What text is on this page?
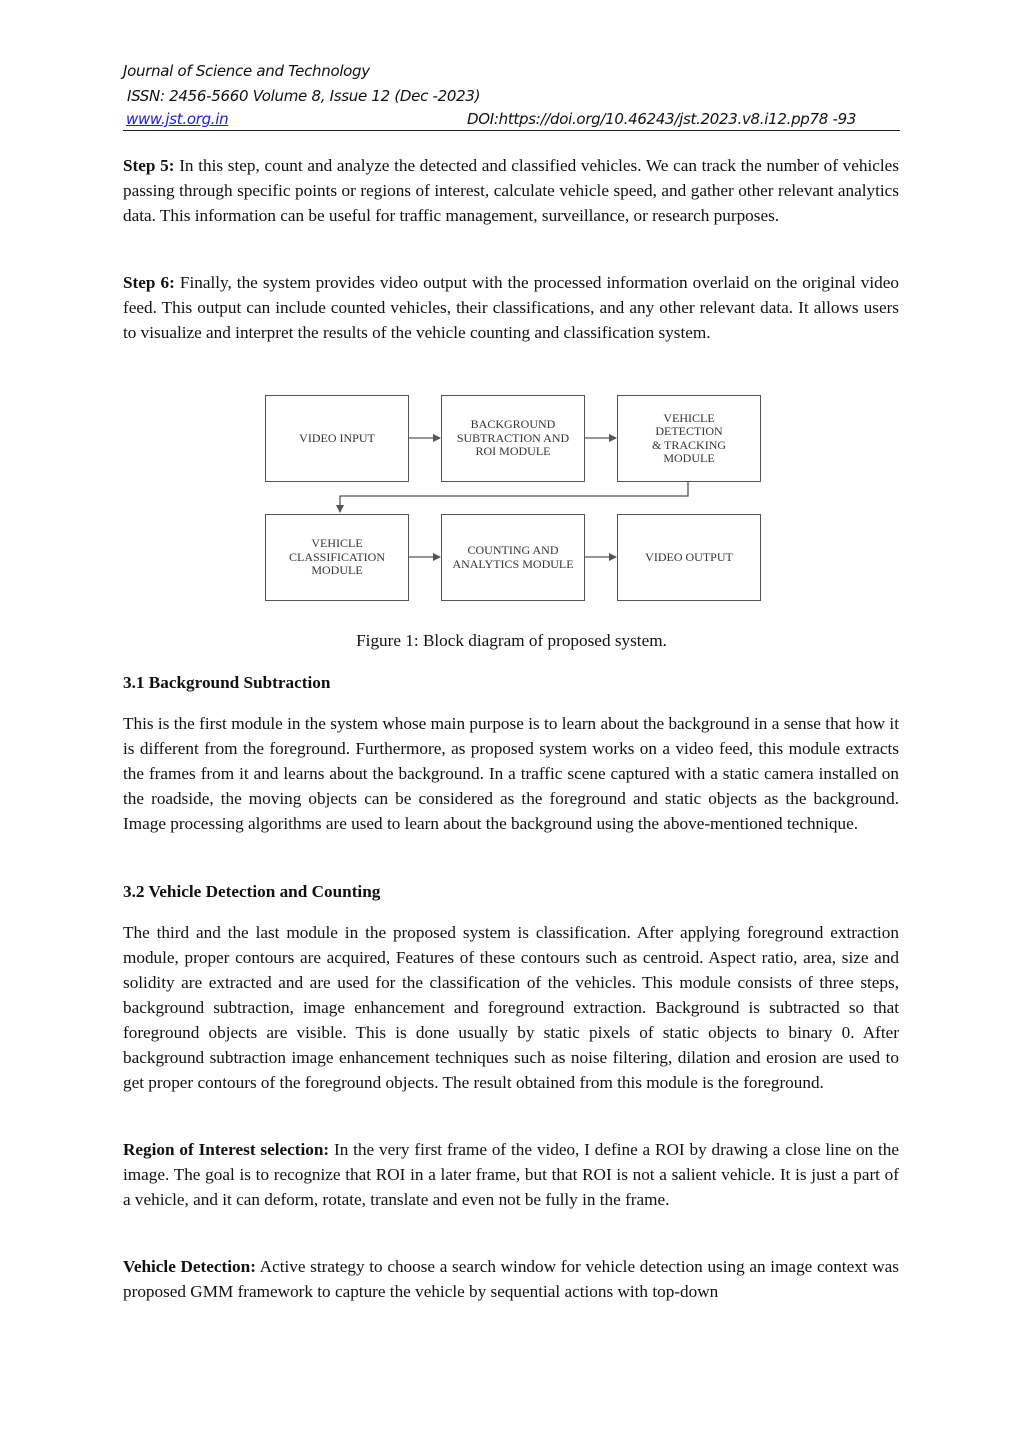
Journal of Science and Technology
ISSN: 2456-5660 Volume 8, Issue 12 (Dec -2023)
www.jst.org.in	DOI:https://doi.org/10.46243/jst.2023.v8.i12.pp78 -93

Step 5: In this step, count and analyze the detected and classified vehicles. We can track the number of vehicles passing through specific points or regions of interest, calculate vehicle speed, and gather other relevant analytics data. This information can be useful for traffic management, surveillance, or research purposes.

Step 6: Finally, the system provides video output with the processed information overlaid on the original video feed. This output can include counted vehicles, their classifications, and any other relevant data. It allows users to visualize and interpret the results of the vehicle counting and classification system.

VIDEO INPUT
BACKGROUND
SUBTRACTION AND
ROI MODULE
VEHICLE
DETECTION
& TRACKING
MODULE
VEHICLE
CLASSIFICATION
MODULE
COUNTING AND
ANALYTICS MODULE	VIDEO OUTPUT
Figure 1: Block diagram of proposed system.
3.1 Background Subtraction

This is the first module in the system whose main purpose is to learn about the background in a sense that how it is different from the foreground. Furthermore, as proposed system works on a video feed, this module extracts the frames from it and learns about the background. In a traffic scene captured with a static camera installed on the roadside, the moving objects can be considered as the foreground and static objects as the background. Image processing algorithms are used to learn about the background using the above-mentioned technique.

3.2 Vehicle Detection and Counting

The third and the last module in the proposed system is classification. After applying foreground extraction module, proper contours are acquired, Features of these contours such as centroid. Aspect ratio, area, size and solidity are extracted and are used for the classification of the vehicles. This module consists of three steps, background subtraction, image enhancement and foreground extraction. Background is subtracted so that foreground objects are visible. This is done usually by static pixels of static objects to binary 0. After background subtraction image enhancement techniques such as noise filtering, dilation and erosion are used to get proper contours of the foreground objects. The result obtained from this module is the foreground.

Region of Interest selection: In the very first frame of the video, I define a ROI by drawing a close line on the image. The goal is to recognize that ROI in a later frame, but that ROI is not a salient vehicle. It is just a part of a vehicle, and it can deform, rotate, translate and even not be fully in the frame.

Vehicle Detection: Active strategy to choose a search window for vehicle detection using an image context was proposed GMM framework to capture the vehicle by sequential actions with top-down
